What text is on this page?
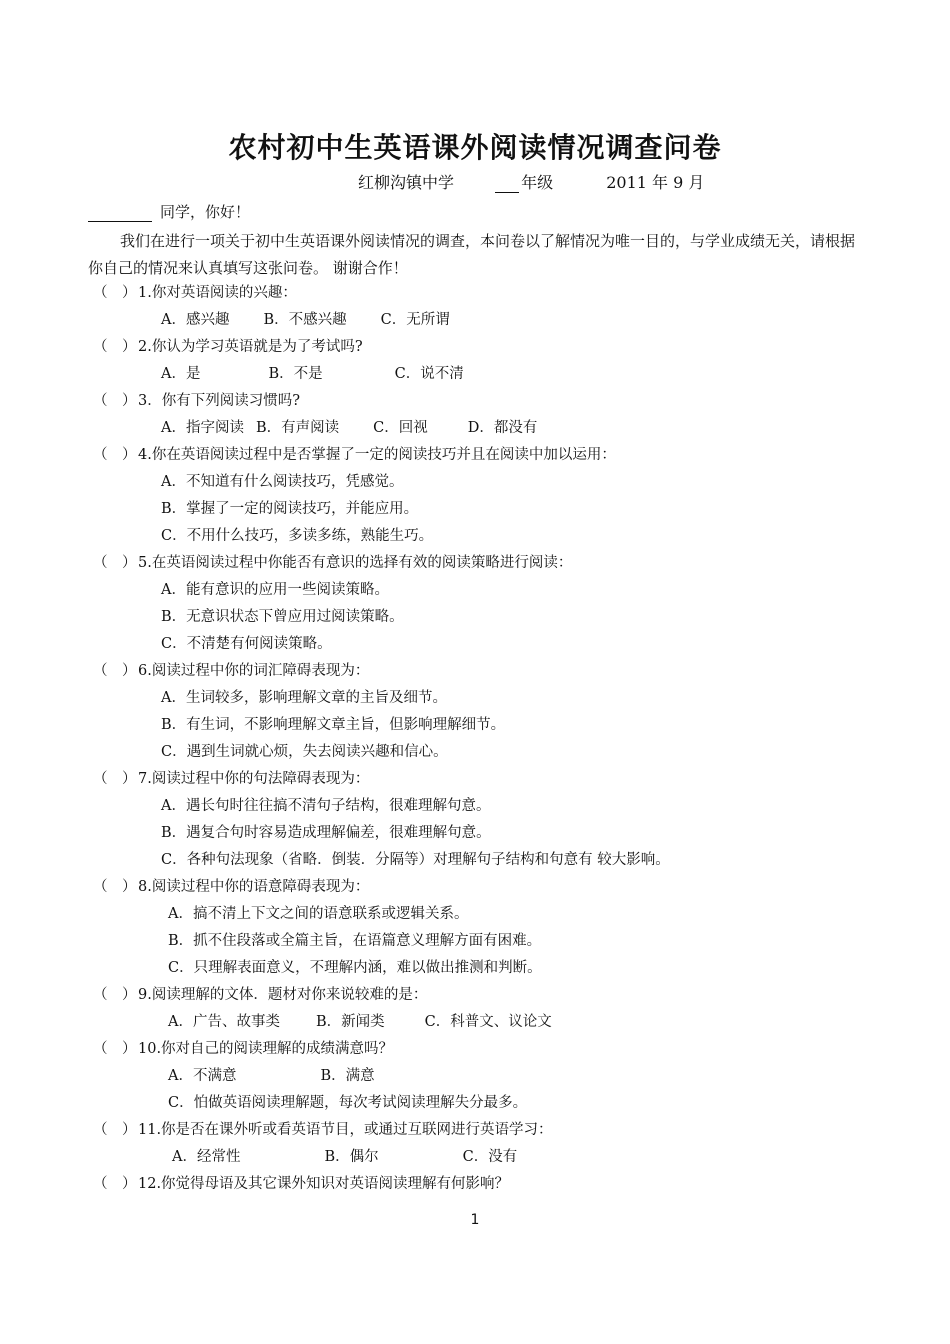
农村初中生英语课外阅读情况调查问卷
红柳沟镇中学	年级	2011 年 9 月
同学，你好！
我们在进行一项关于初中生英语课外阅读情况的调查，本问卷以了解情况为唯一目的，与学业成绩无关，请根据你自己的情况来认真填写这张问卷。 谢谢合作！
（　） 1.你对英语阅读的兴趣：
A．感兴趣 B．不感兴趣 C．无所谓
（　） 2.你认为学习英语就是为了考试吗?
A．是	B．不是	C．说不清
（　） 3．你有下列阅读习惯吗?
A．指字阅读 B．有声阅读 C．回视	D．都没有
（　） 4.你在英语阅读过程中是否掌握了一定的阅读技巧并且在阅读中加以运用：
A．不知道有什么阅读技巧，凭感觉。
B．掌握了一定的阅读技巧，并能应用。
C．不用什么技巧，多读多练，熟能生巧。
（　） 5.在英语阅读过程中你能否有意识的选择有效的阅读策略进行阅读：
A．能有意识的应用一些阅读策略。
B．无意识状态下曾应用过阅读策略。
C．不清楚有何阅读策略。
（　） 6.阅读过程中你的词汇障碍表现为：
A．生词较多，影响理解文章的主旨及细节。
B．有生词，不影响理解文章主旨，但影响理解细节。
C．遇到生词就心烦，失去阅读兴趣和信心。
（　） 7.阅读过程中你的句法障碍表现为：
A．遇长句时往往搞不清句子结构，很难理解句意。
B．遇复合句时容易造成理解偏差，很难理解句意。
C．各种句法现象（省略．倒装．分隔等）对理解句子结构和句意有 较大影响。
（　） 8.阅读过程中你的语意障碍表现为：
A．搞不清上下文之间的语意联系或逻辑关系。
B．抓不住段落或全篇主旨，在语篇意义理解方面有困难。
C．只理解表面意义，不理解内涵，难以做出推测和判断。
（　） 9.阅读理解的文体．题材对你来说较难的是：
A．广告、故事类 B．新闻类	C．科普文、议论文
（　） 10.你对自己的阅读理解的成绩满意吗？
A．不满意	B．满意
C．怕做英语阅读理解题，每次考试阅读理解失分最多。
（　） 11.你是否在课外听或看英语节目，或通过互联网进行英语学习：
A．经常性	B．偶尔	C．没有
（　） 12.你觉得母语及其它课外知识对英语阅读理解有何影响？
1
